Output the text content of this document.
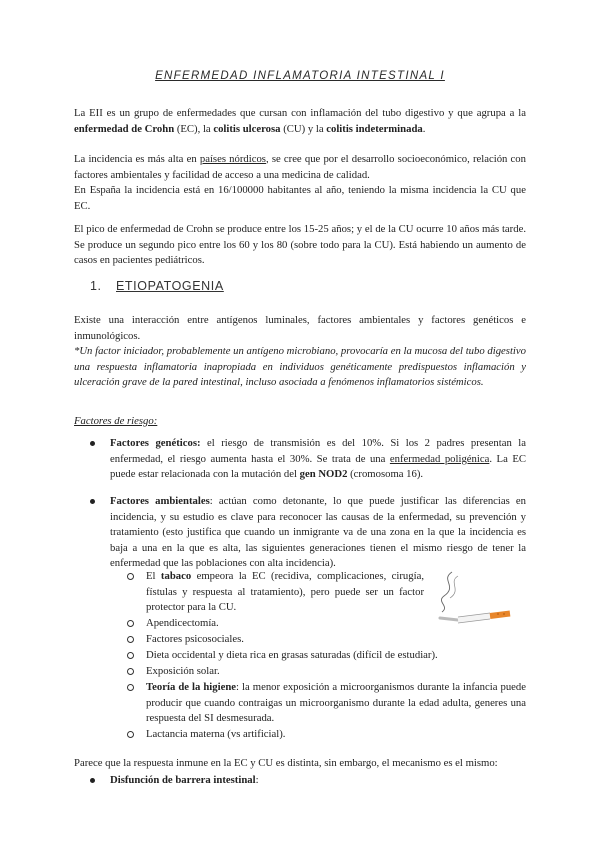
ENFERMEDAD INFLAMATORIA INTESTINAL I
La EII es un grupo de enfermedades que cursan con inflamación del tubo digestivo y que agrupa a la enfermedad de Crohn (EC), la colitis ulcerosa (CU) y la colitis indeterminada.
La incidencia es más alta en países nórdicos, se cree que por el desarrollo socioeconómico, relación con factores ambientales y facilidad de acceso a una medicina de calidad.
En España la incidencia está en 16/100000 habitantes al año, teniendo la misma incidencia la CU que EC.
El pico de enfermedad de Crohn se produce entre los 15-25 años; y el de la CU ocurre 10 años más tarde. Se produce un segundo pico entre los 60 y los 80 (sobre todo para la CU). Está habiendo un aumento de casos en pacientes pediátricos.
1. ETIOPATOGENIA
Existe una interacción entre antígenos luminales, factores ambientales y factores genéticos e inmunológicos.
*Un factor iniciador, probablemente un antígeno microbiano, provocaría en la mucosa del tubo digestivo una respuesta inflamatoria inapropiada en individuos genéticamente predispuestos inflamación y ulceración grave de la pared intestinal, incluso asociada a fenómenos inflamatorios sistémicos.
Factores de riesgo:
Factores genéticos: el riesgo de transmisión es del 10%. Si los 2 padres presentan la enfermedad, el riesgo aumenta hasta el 30%. Se trata de una enfermedad poligénica. La EC puede estar relacionada con la mutación del gen NOD2 (cromosoma 16).
Factores ambientales: actúan como detonante, lo que puede justificar las diferencias en incidencia, y su estudio es clave para reconocer las causas de la enfermedad, su prevención y tratamiento (esto justifica que cuando un inmigrante va de una zona en la que la incidencia es baja a una en la que es alta, las siguientes generaciones tienen el mismo riesgo de tener la enfermedad que las poblaciones con alta incidencia).
El tabaco empeora la EC (recidiva, complicaciones, cirugía, fístulas y respuesta al tratamiento), pero puede ser un factor protector para la CU.
Apendicectomía.
Factores psicosociales.
Dieta occidental y dieta rica en grasas saturadas (difícil de estudiar).
Exposición solar.
Teoría de la higiene: la menor exposición a microorganismos durante la infancia puede producir que cuando contraigas un microorganismo durante la edad adulta, generes una respuesta del SI desmesurada.
Lactancia materna (vs artificial).
Parece que la respuesta inmune en la EC y CU es distinta, sin embargo, el mecanismo es el mismo:
Disfunción de barrera intestinal:
